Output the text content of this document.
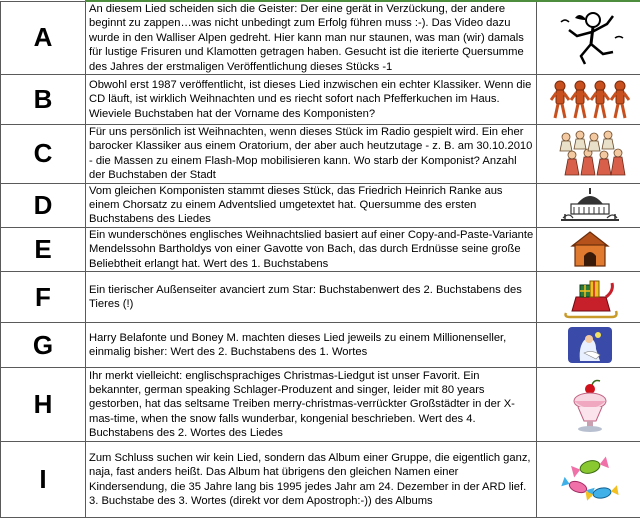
A	An diesem Lied scheiden sich die Geister: Der eine gerät in Verzückung, der andere beginnt zu zappen…was nicht unbedingt zum Erfolg führen muss :-). Das Video dazu wurde in den Walliser Alpen gedreht. Hier kann man nur staunen, was man (wir) damals für lustige Frisuren und Klamotten getragen haben. Gesucht ist die iterierte Quersumme des Jahres der erstmaligen Veröffentlichung dieses Stücks -1	

B	Obwohl erst 1987 veröffentlicht, ist dieses Lied inzwischen ein echter Klassiker. Wenn die CD läuft, ist wirklich Weihnachten und es riecht sofort nach Pfefferkuchen im Haus. Wieviele Buchstaben hat der Vorname des Komponisten?	

C	Für uns persönlich ist Weihnachten, wenn dieses Stück im Radio gespielt wird. Ein eher barocker Klassiker aus einem Oratorium, der aber auch heutzutage - z. B. am 30.10.2010 - die Massen zu einem Flash-Mop mobilisieren kann. Wo starb der Komponist? Anzahl der Buchstaben der Stadt	

D	Vom gleichen Komponisten stammt dieses Stück, das Friedrich Heinrich Ranke aus einem Chorsatz zu einem Adventslied umgetextet hat. Quersumme des ersten Buchstabens des Liedes	

E	Ein wunderschönes englisches Weihnachtslied basiert auf einer Copy-and-Paste-Variante Mendelssohn Bartholdys von einer Gavotte von Bach, das durch Erdnüsse seine große Beliebtheit erlangt hat. Wert des 1. Buchstabens	

F	Ein tierischer Außenseiter avanciert zum Star: Buchstabenwert des 2. Buchstabens des Tieres (!)	

G	Harry Belafonte und Boney M. machten dieses Lied jeweils zu einem Millionenseller, einmalig bisher: Wert des 2. Buchstabens des 1. Wortes	

H	Ihr merkt vielleicht: englischsprachiges Christmas-Liedgut ist unser Favorit. Ein bekannter, german speaking Schlager-Produzent and singer, leider mit 80 years gestorben, hat das seltsame Treiben merry-christmas-verrückter Großstädter in der X-mas-time, when the snow falls wunderbar, kongenial beschrieben. Wert des 4. Buchstabens des 2. Wortes des Liedes	

I	Zum Schluss suchen wir kein Lied, sondern das Album einer Gruppe, die eigentlich ganz, naja, fast anders heißt. Das Album hat übrigens den gleichen Namen einer Kindersendung, die 35 Jahre lang bis 1995 jedes Jahr am 24. Dezember in der ARD lief. 3. Buchstabe des 3. Wortes (direkt vor dem Apostroph:-)) des Albums	
